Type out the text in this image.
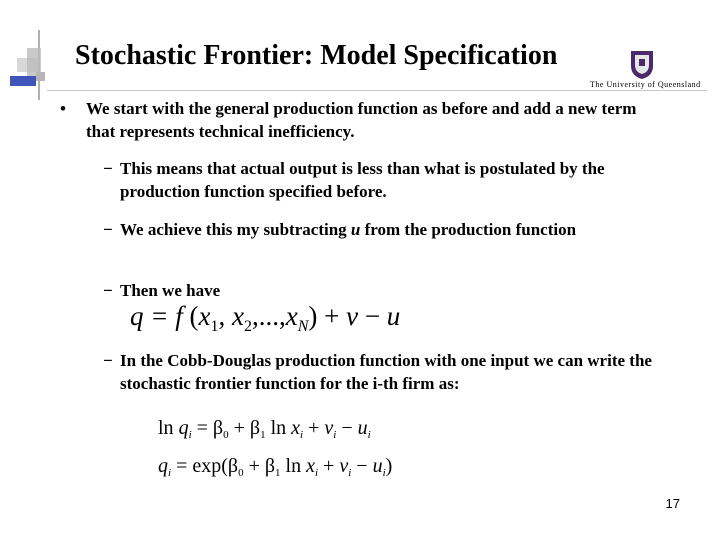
Stochastic Frontier: Model Specification
The University of Queensland
• We start with the general production function as before and add a new term that represents technical inefficiency.
− This means that actual output is less than what is postulated by the production function specified before.
− We achieve this my subtracting u from the production function
− Then we have
q = f ($x_1$, $x_2,...,x_N) + v - u$
− In the Cobb-Douglas production function with one input we can write the stochastic frontier function for the i-th firm as:
$\ln q_i = \beta_0 + \beta_1$ $\ln x_i + v_i - u_i$
$q_i = \exp(\beta_0 + \beta_1$ $\ln x_i + v_i - u_i$)
17
